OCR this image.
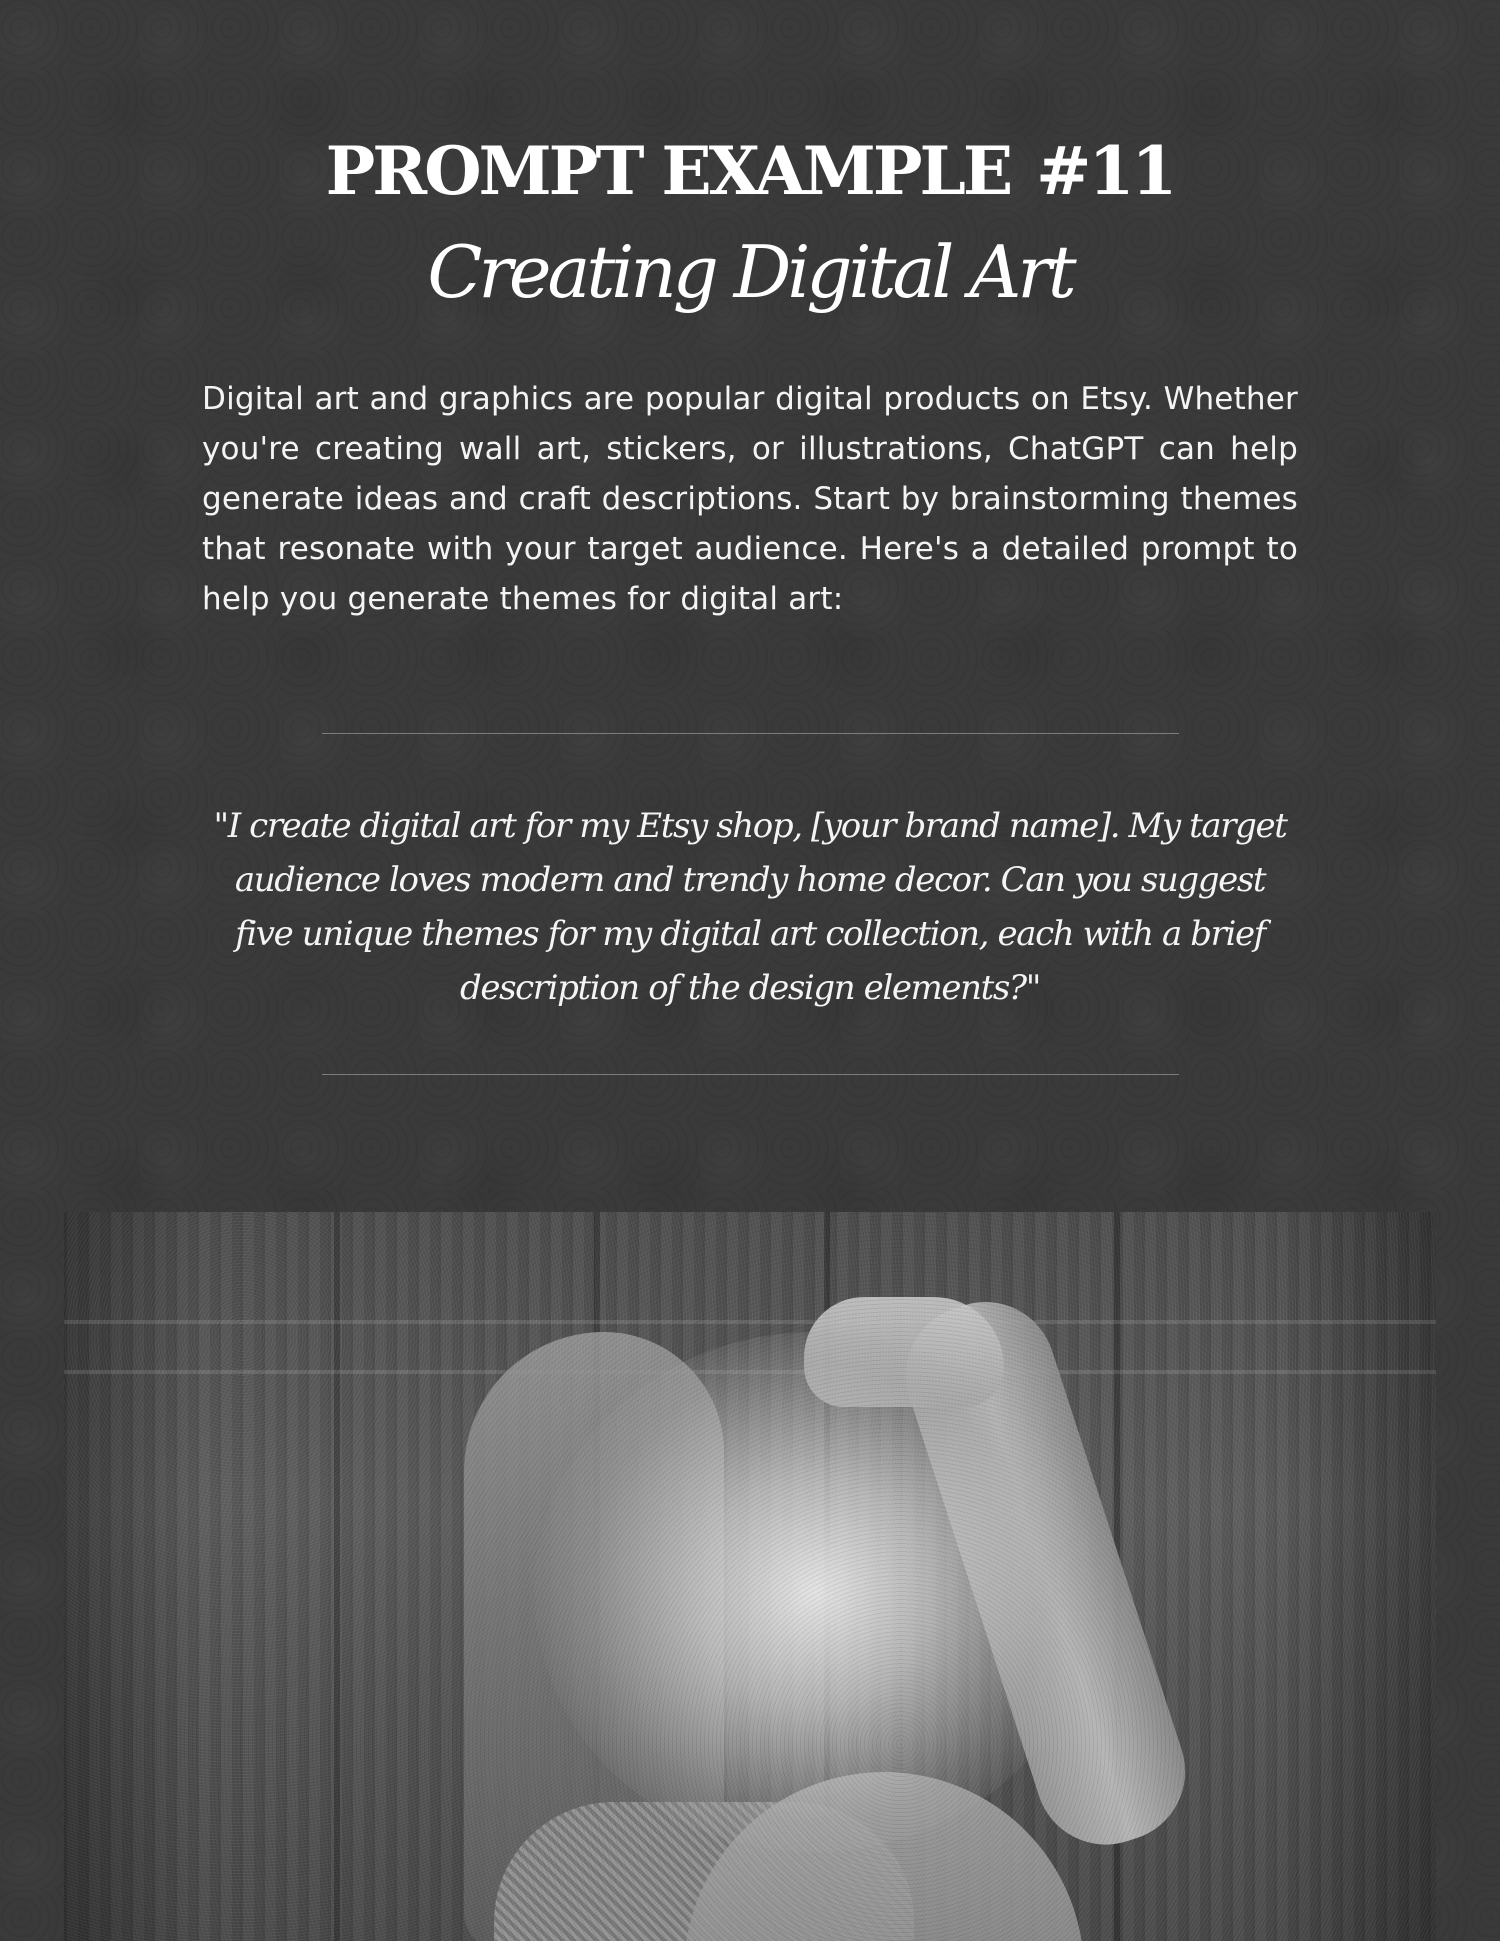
PROMPT EXAMPLE #11
Creating Digital Art

Digital art and graphics are popular digital products on Etsy. Whether you're creating wall art, stickers, or illustrations, ChatGPT can help generate ideas and craft descriptions. Start by brainstorming themes that resonate with your target audience. Here's a detailed prompt to help you generate themes for digital art:

"I create digital art for my Etsy shop, [your brand name]. My target audience loves modern and trendy home decor. Can you suggest five unique themes for my digital art collection, each with a brief description of the design elements?"
